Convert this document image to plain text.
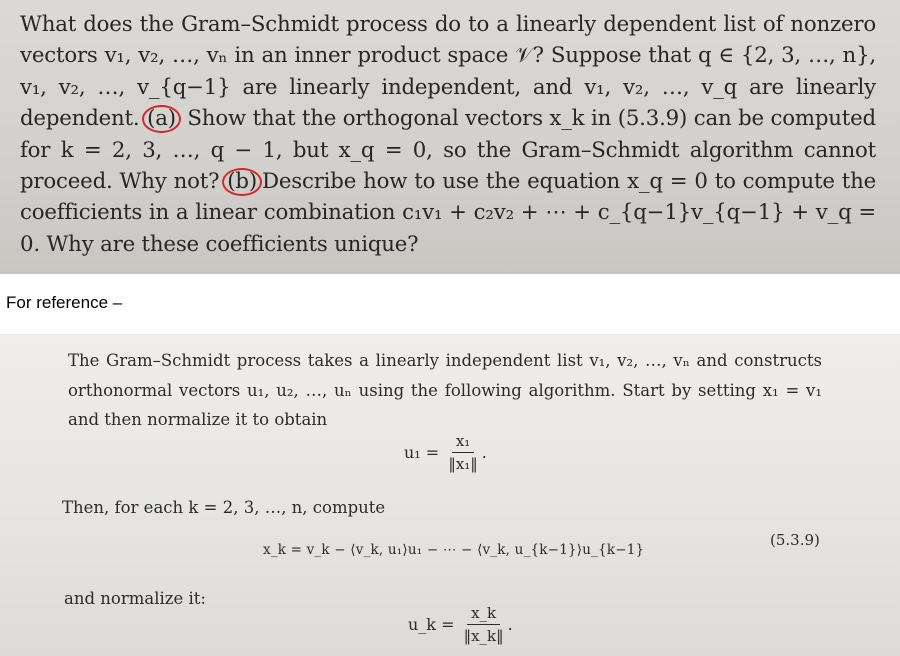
What does the Gram–Schmidt process do to a linearly dependent list of nonzero vectors v₁, v₂, …, vₙ in an inner product space 𝒱? Suppose that q ∈ {2, 3, …, n}, v₁, v₂, …, v_{q−1} are linearly independent, and v₁, v₂, …, v_q are linearly dependent. (a) Show that the orthogonal vectors x_k in (5.3.9) can be computed for k = 2, 3, …, q − 1, but x_q = 0, so the Gram–Schmidt algorithm cannot proceed. Why not? (b) Describe how to use the equation x_q = 0 to compute the coefficients in a linear combination c₁v₁ + c₂v₂ + ⋯ + c_{q−1}v_{q−1} + v_q = 0. Why are these coefficients unique?

For reference –

The Gram–Schmidt process takes a linearly independent list v₁, v₂, …, vₙ and constructs orthonormal vectors u₁, u₂, …, uₙ using the following algorithm. Start by setting x₁ = v₁ and then normalize it to obtain

$u_1 = \frac{\text{x₁}}{\text{‖x₁‖}}$ .
Then, for each k = 2, 3, …, n, compute
x_k = v_k − ⟨v_k, u₁⟩u₁ − ⋯ − ⟨v_k, u_{k−1}⟩u_{k−1}
(5.3.9)
and normalize it:
u_k = $\frac{x\_k}{‖x\_k‖}$ .
